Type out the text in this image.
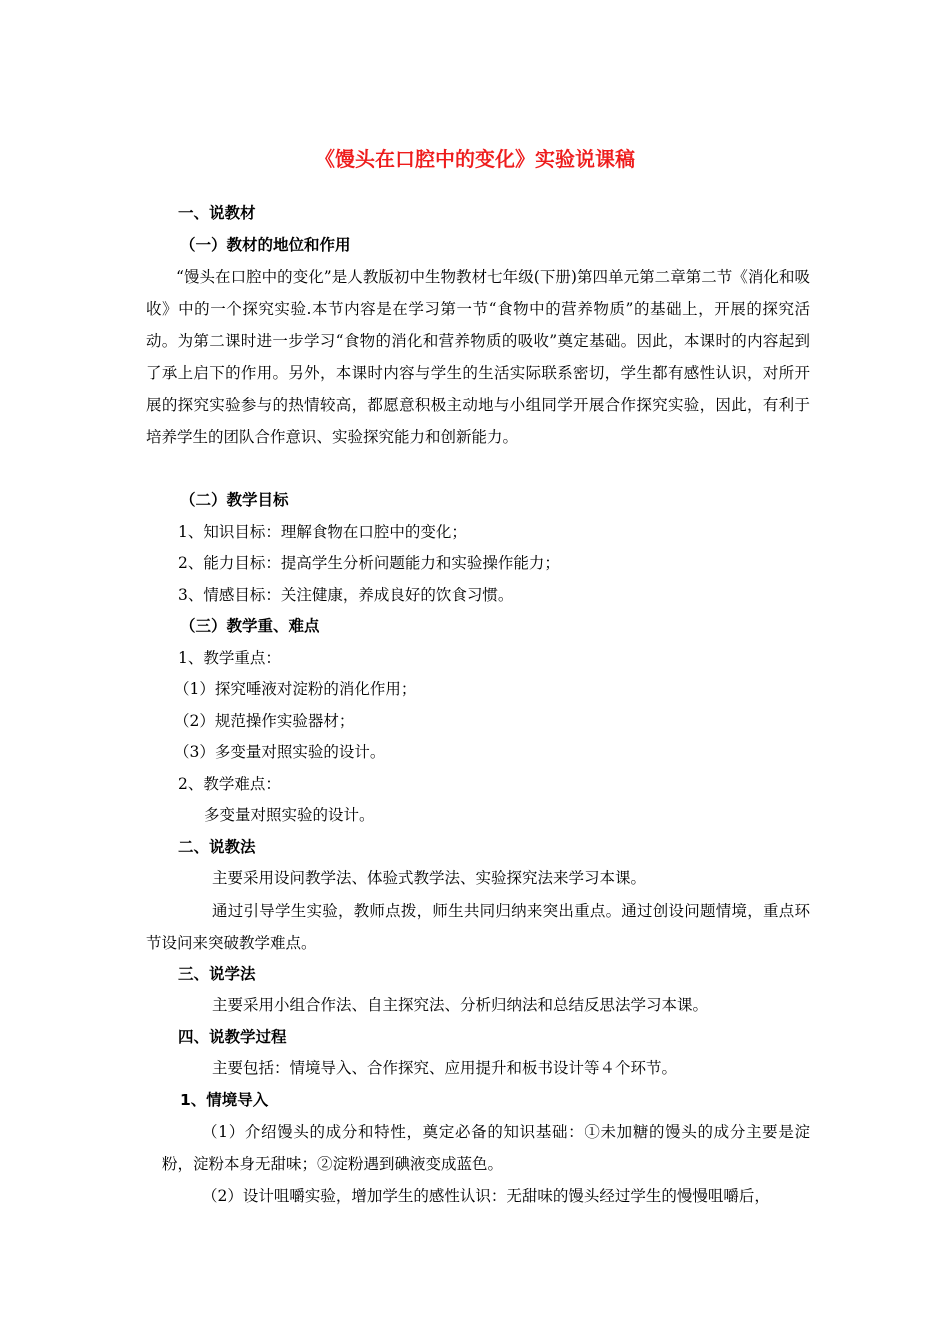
《馒头在口腔中的变化》实验说课稿
一、说教材
（一）教材的地位和作用
“馒头在口腔中的变化”是人教版初中生物教材七年级(下册)第四单元第二章第二节《消化和吸收》中的一个探究实验.本节内容是在学习第一节“食物中的营养物质”的基础上，开展的探究活动。为第二课时进一步学习“食物的消化和营养物质的吸收”奠定基础。因此，本课时的内容起到了承上启下的作用。另外，本课时内容与学生的生活实际联系密切，学生都有感性认识，对所开展的探究实验参与的热情较高，都愿意积极主动地与小组同学开展合作探究实验，因此，有利于培养学生的团队合作意识、实验探究能力和创新能力。
（二）教学目标
1、知识目标：理解食物在口腔中的变化；
2、能力目标：提高学生分析问题能力和实验操作能力；
3、情感目标：关注健康，养成良好的饮食习惯。
（三）教学重、难点
1、教学重点：
（1）探究唾液对淀粉的消化作用；
（2）规范操作实验器材；
（3）多变量对照实验的设计。
2、教学难点：
多变量对照实验的设计。
二、说教法
主要采用设问教学法、体验式教学法、实验探究法来学习本课。
通过引导学生实验，教师点拨，师生共同归纳来突出重点。通过创设问题情境，重点环节设问来突破教学难点。
三、说学法
主要采用小组合作法、自主探究法、分析归纳法和总结反思法学习本课。
四、说教学过程
主要包括：情境导入、合作探究、应用提升和板书设计等４个环节。
1、情境导入
（1）介绍馒头的成分和特性，奠定必备的知识基础：①未加糖的馒头的成分主要是淀粉，淀粉本身无甜味；②淀粉遇到碘液变成蓝色。
（2）设计咀嚼实验，增加学生的感性认识：无甜味的馒头经过学生的慢慢咀嚼后，
